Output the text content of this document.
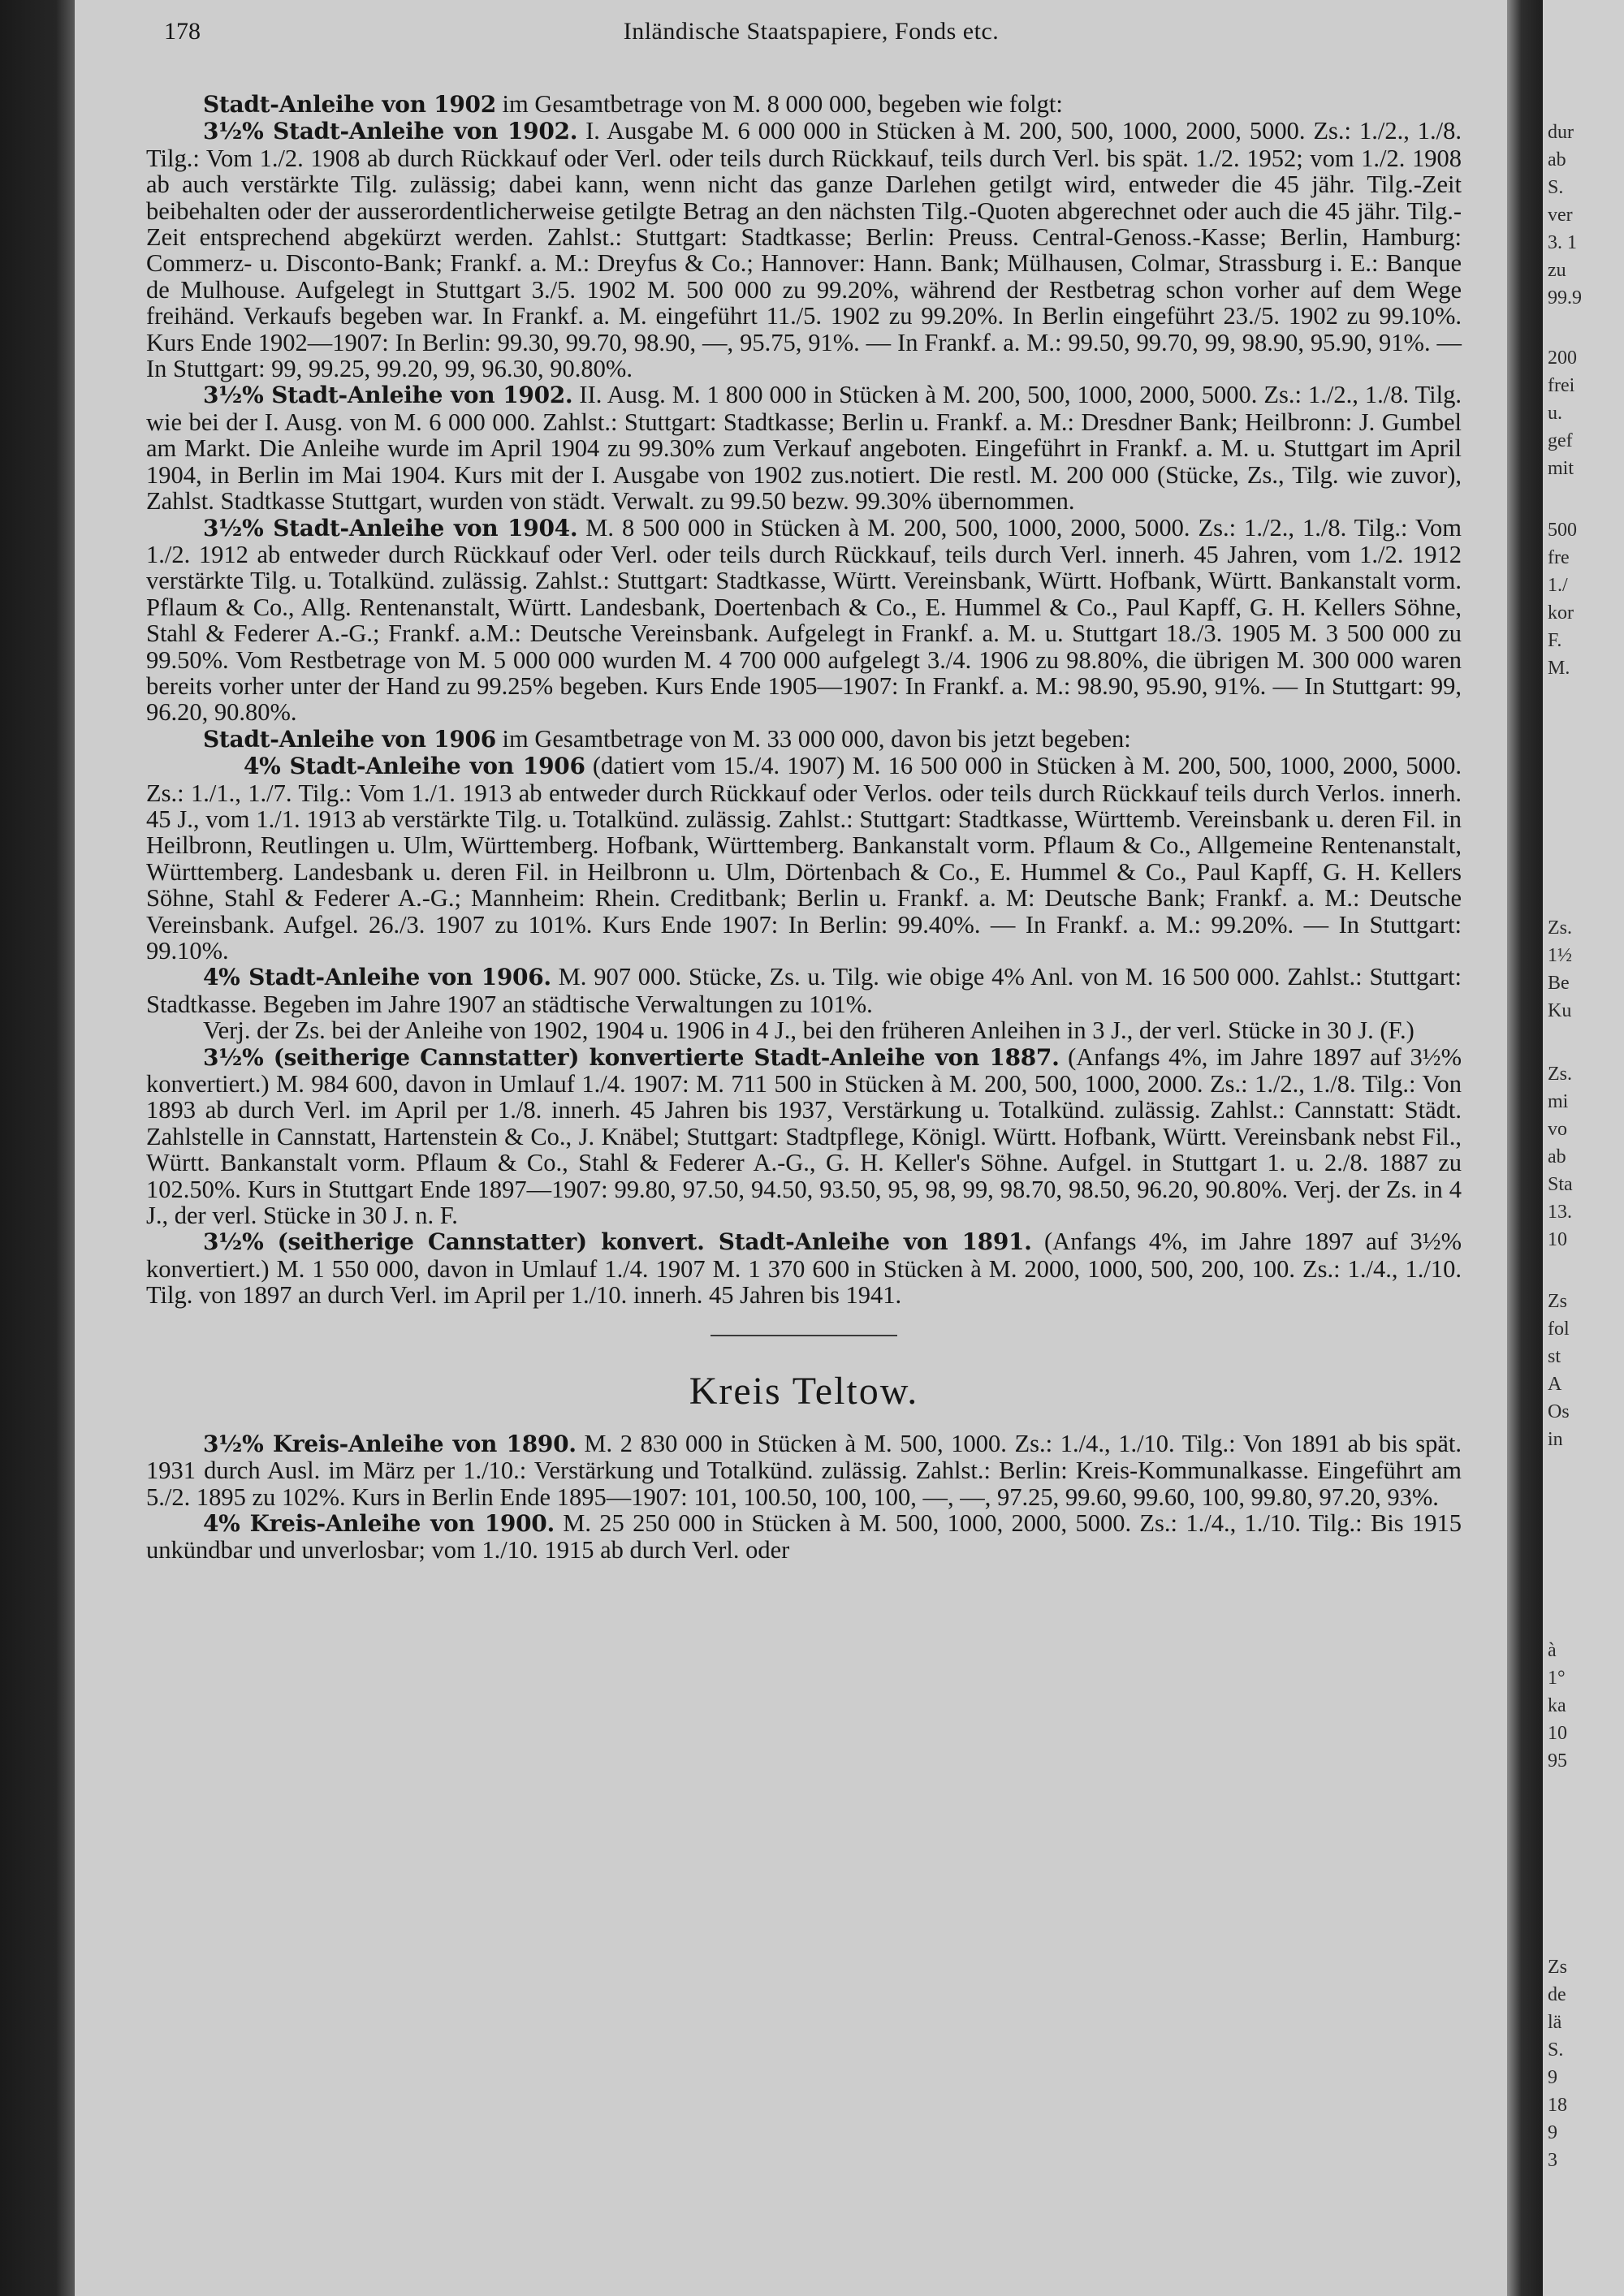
178	Inländische Staatspapiere, Fonds etc.

Stadt-Anleihe von 1902 im Gesamtbetrage von M. 8 000 000, begeben wie folgt:

3½% Stadt-Anleihe von 1902. I. Ausgabe M. 6 000 000 in Stücken à M. 200, 500, 1000, 2000, 5000. Zs.: 1./2., 1./8. Tilg.: Vom 1./2. 1908 ab durch Rückkauf oder Verl. oder teils durch Rückkauf, teils durch Verl. bis spät. 1./2. 1952; vom 1./2. 1908 ab auch verstärkte Tilg. zulässig; dabei kann, wenn nicht das ganze Darlehen getilgt wird, entweder die 45 jähr. Tilg.-Zeit beibehalten oder der ausserordentlicherweise getilgte Betrag an den nächsten Tilg.-Quoten abgerechnet oder auch die 45 jähr. Tilg.-Zeit entsprechend abgekürzt werden. Zahlst.: Stuttgart: Stadtkasse; Berlin: Preuss. Central-Genoss.-Kasse; Berlin, Hamburg: Commerz- u. Disconto-Bank; Frankf. a. M.: Dreyfus & Co.; Hannover: Hann. Bank; Mülhausen, Colmar, Strassburg i. E.: Banque de Mulhouse. Aufgelegt in Stuttgart 3./5. 1902 M. 500 000 zu 99.20%, während der Restbetrag schon vorher auf dem Wege freihänd. Verkaufs begeben war. In Frankf. a. M. eingeführt 11./5. 1902 zu 99.20%. In Berlin eingeführt 23./5. 1902 zu 99.10%. Kurs Ende 1902—1907: In Berlin: 99.30, 99.70, 98.90, —, 95.75, 91%. — In Frankf. a. M.: 99.50, 99.70, 99, 98.90, 95.90, 91%. — In Stuttgart: 99, 99.25, 99.20, 99, 96.30, 90.80%.

3½% Stadt-Anleihe von 1902. II. Ausg. M. 1 800 000 in Stücken à M. 200, 500, 1000, 2000, 5000. Zs.: 1./2., 1./8. Tilg. wie bei der I. Ausg. von M. 6 000 000. Zahlst.: Stuttgart: Stadtkasse; Berlin u. Frankf. a. M.: Dresdner Bank; Heilbronn: J. Gumbel am Markt. Die Anleihe wurde im April 1904 zu 99.30% zum Verkauf angeboten. Eingeführt in Frankf. a. M. u. Stuttgart im April 1904, in Berlin im Mai 1904. Kurs mit der I. Ausgabe von 1902 zus.notiert. Die restl. M. 200 000 (Stücke, Zs., Tilg. wie zuvor), Zahlst. Stadtkasse Stuttgart, wurden von städt. Verwalt. zu 99.50 bezw. 99.30% übernommen.

3½% Stadt-Anleihe von 1904. M. 8 500 000 in Stücken à M. 200, 500, 1000, 2000, 5000. Zs.: 1./2., 1./8. Tilg.: Vom 1./2. 1912 ab entweder durch Rückkauf oder Verl. oder teils durch Rückkauf, teils durch Verl. innerh. 45 Jahren, vom 1./2. 1912 verstärkte Tilg. u. Totalkünd. zulässig. Zahlst.: Stuttgart: Stadtkasse, Württ. Vereinsbank, Württ. Hofbank, Württ. Bankanstalt vorm. Pflaum & Co., Allg. Rentenanstalt, Württ. Landesbank, Doertenbach & Co., E. Hummel & Co., Paul Kapff, G. H. Kellers Söhne, Stahl & Federer A.-G.; Frankf. a.M.: Deutsche Vereinsbank. Aufgelegt in Frankf. a. M. u. Stuttgart 18./3. 1905 M. 3 500 000 zu 99.50%. Vom Restbetrage von M. 5 000 000 wurden M. 4 700 000 aufgelegt 3./4. 1906 zu 98.80%, die übrigen M. 300 000 waren bereits vorher unter der Hand zu 99.25% begeben. Kurs Ende 1905—1907: In Frankf. a. M.: 98.90, 95.90, 91%. — In Stuttgart: 99, 96.20, 90.80%.

Stadt-Anleihe von 1906 im Gesamtbetrage von M. 33 000 000, davon bis jetzt begeben:

4% Stadt-Anleihe von 1906 (datiert vom 15./4. 1907) M. 16 500 000 in Stücken à M. 200, 500, 1000, 2000, 5000. Zs.: 1./1., 1./7. Tilg.: Vom 1./1. 1913 ab entweder durch Rückkauf oder Verlos. oder teils durch Rückkauf teils durch Verlos. innerh. 45 J., vom 1./1. 1913 ab verstärkte Tilg. u. Totalkünd. zulässig. Zahlst.: Stuttgart: Stadtkasse, Württemb. Vereinsbank u. deren Fil. in Heilbronn, Reutlingen u. Ulm, Württemberg. Hofbank, Württemberg. Bankanstalt vorm. Pflaum & Co., Allgemeine Rentenanstalt, Württemberg. Landesbank u. deren Fil. in Heilbronn u. Ulm, Dörtenbach & Co., E. Hummel & Co., Paul Kapff, G. H. Kellers Söhne, Stahl & Federer A.-G.; Mannheim: Rhein. Creditbank; Berlin u. Frankf. a. M: Deutsche Bank; Frankf. a. M.: Deutsche Vereinsbank. Aufgel. 26./3. 1907 zu 101%. Kurs Ende 1907: In Berlin: 99.40%. — In Frankf. a. M.: 99.20%. — In Stuttgart: 99.10%.

4% Stadt-Anleihe von 1906. M. 907 000. Stücke, Zs. u. Tilg. wie obige 4% Anl. von M. 16 500 000. Zahlst.: Stuttgart: Stadtkasse. Begeben im Jahre 1907 an städtische Verwaltungen zu 101%.

Verj. der Zs. bei der Anleihe von 1902, 1904 u. 1906 in 4 J., bei den früheren Anleihen in 3 J., der verl. Stücke in 30 J. (F.)

3½% (seitherige Cannstatter) konvertierte Stadt-Anleihe von 1887. (Anfangs 4%, im Jahre 1897 auf 3½% konvertiert.) M. 984 600, davon in Umlauf 1./4. 1907: M. 711 500 in Stücken à M. 200, 500, 1000, 2000. Zs.: 1./2., 1./8. Tilg.: Von 1893 ab durch Verl. im April per 1./8. innerh. 45 Jahren bis 1937, Verstärkung u. Totalkünd. zulässig. Zahlst.: Cannstatt: Städt. Zahlstelle in Cannstatt, Hartenstein & Co., J. Knäbel; Stuttgart: Stadtpflege, Königl. Württ. Hofbank, Württ. Vereinsbank nebst Fil., Württ. Bankanstalt vorm. Pflaum & Co., Stahl & Federer A.-G., G. H. Keller's Söhne. Aufgel. in Stuttgart 1. u. 2./8. 1887 zu 102.50%. Kurs in Stuttgart Ende 1897—1907: 99.80, 97.50, 94.50, 93.50, 95, 98, 99, 98.70, 98.50, 96.20, 90.80%. Verj. der Zs. in 4 J., der verl. Stücke in 30 J. n. F.

3½% (seitherige Cannstatter) konvert. Stadt-Anleihe von 1891. (Anfangs 4%, im Jahre 1897 auf 3½% konvertiert.) M. 1 550 000, davon in Umlauf 1./4. 1907 M. 1 370 600 in Stücken à M. 2000, 1000, 500, 200, 100. Zs.: 1./4., 1./10. Tilg. von 1897 an durch Verl. im April per 1./10. innerh. 45 Jahren bis 1941.

Kreis Teltow.

3½% Kreis-Anleihe von 1890. M. 2 830 000 in Stücken à M. 500, 1000. Zs.: 1./4., 1./10. Tilg.: Von 1891 ab bis spät. 1931 durch Ausl. im März per 1./10.: Verstärkung und Totalkünd. zulässig. Zahlst.: Berlin: Kreis-Kommunalkasse. Eingeführt am 5./2. 1895 zu 102%. Kurs in Berlin Ende 1895—1907: 101, 100.50, 100, 100, —, —, 97.25, 99.60, 99.60, 100, 99.80, 97.20, 93%.

4% Kreis-Anleihe von 1900. M. 25 250 000 in Stücken à M. 500, 1000, 2000, 5000. Zs.: 1./4., 1./10. Tilg.: Bis 1915 unkündbar und unverlosbar; vom 1./10. 1915 ab durch Verl. oder

dur
ab
S.
ver
3. 1
zu
99.9
200
frei
u.
gef
mit
500
fre
1./
kor
F.
M.
Zs.
1½
Be
Ku
Zs.
mi
vo
ab
Sta
13.
10
Zs
fol
st
A
Os
in
à
1°
ka
10
95
Zs
de
lä
S.
9
18
9
3
